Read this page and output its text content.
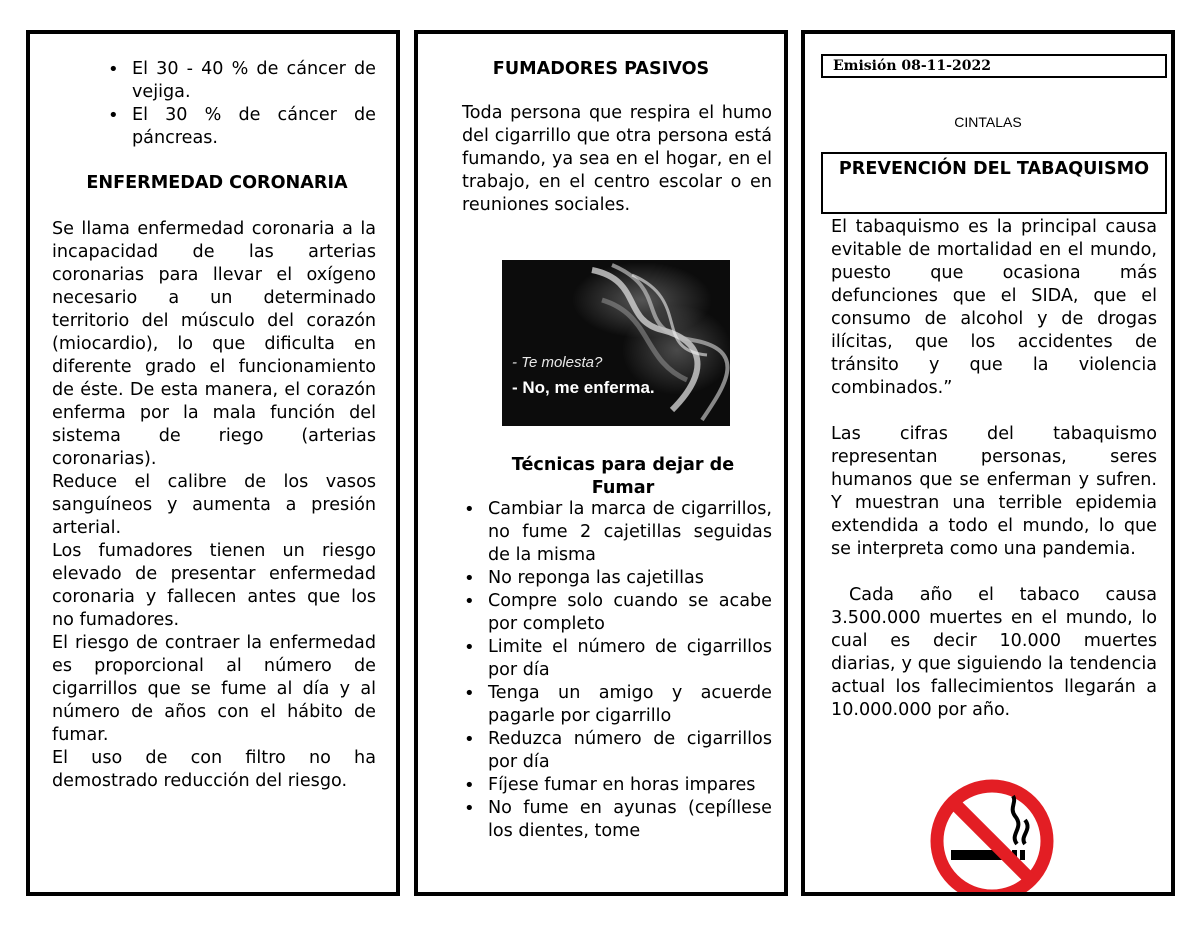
• El 30 - 40 % de cáncer de vejiga.
• El 30 % de cáncer de páncreas.
ENFERMEDAD CORONARIA

Se llama enfermedad coronaria a la incapacidad de las arterias coronarias para llevar el oxígeno necesario a un determinado territorio del músculo del corazón (miocardio), lo que dificulta en diferente grado el funcionamiento de éste. De esta manera, el corazón enferma por la mala función del sistema de riego (arterias coronarias).

Reduce el calibre de los vasos sanguíneos y aumenta a presión arterial.

Los fumadores tienen un riesgo elevado de presentar enfermedad coronaria y fallecen antes que los no fumadores.

El riesgo de contraer la enfermedad es proporcional al número de cigarrillos que se fume al día y al número de años con el hábito de fumar.

El uso de con filtro no ha demostrado reducción del riesgo.

FUMADORES PASIVOS

Toda persona que respira el humo del cigarrillo que otra persona está fumando, ya sea en el hogar, en el trabajo, en el centro escolar o en reuniones sociales.

- Te molesta?
- No, me enferma.
Técnicas para dejar de Fumar
• Cambiar la marca de cigarrillos, no fume 2 cajetillas seguidas de la misma
• No reponga las cajetillas
• Compre solo cuando se acabe por completo
• Limite el número de cigarrillos por día
• Tenga un amigo y acuerde pagarle por cigarrillo
• Reduzca número de cigarrillos por día
• Fíjese fumar en horas impares
• No fume en ayunas (cepíllese los dientes, tome
Emisión 08-11-2022
CINTALAS
PREVENCIÓN DEL TABAQUISMO

El tabaquismo es la principal causa evitable de mortalidad en el mundo, puesto que ocasiona más defunciones que el SIDA, que el consumo de alcohol y de drogas ilícitas, que los accidentes de tránsito y que la violencia combinados.”

Las cifras del tabaquismo representan personas, seres humanos que se enferman y sufren. Y muestran una terrible epidemia extendida a todo el mundo, lo que se interpreta como una pandemia.

Cada año el tabaco causa 3.500.000 muertes en el mundo, lo cual es decir 10.000 muertes diarias, y que siguiendo la tendencia actual los fallecimientos llegarán a 10.000.000 por año.
